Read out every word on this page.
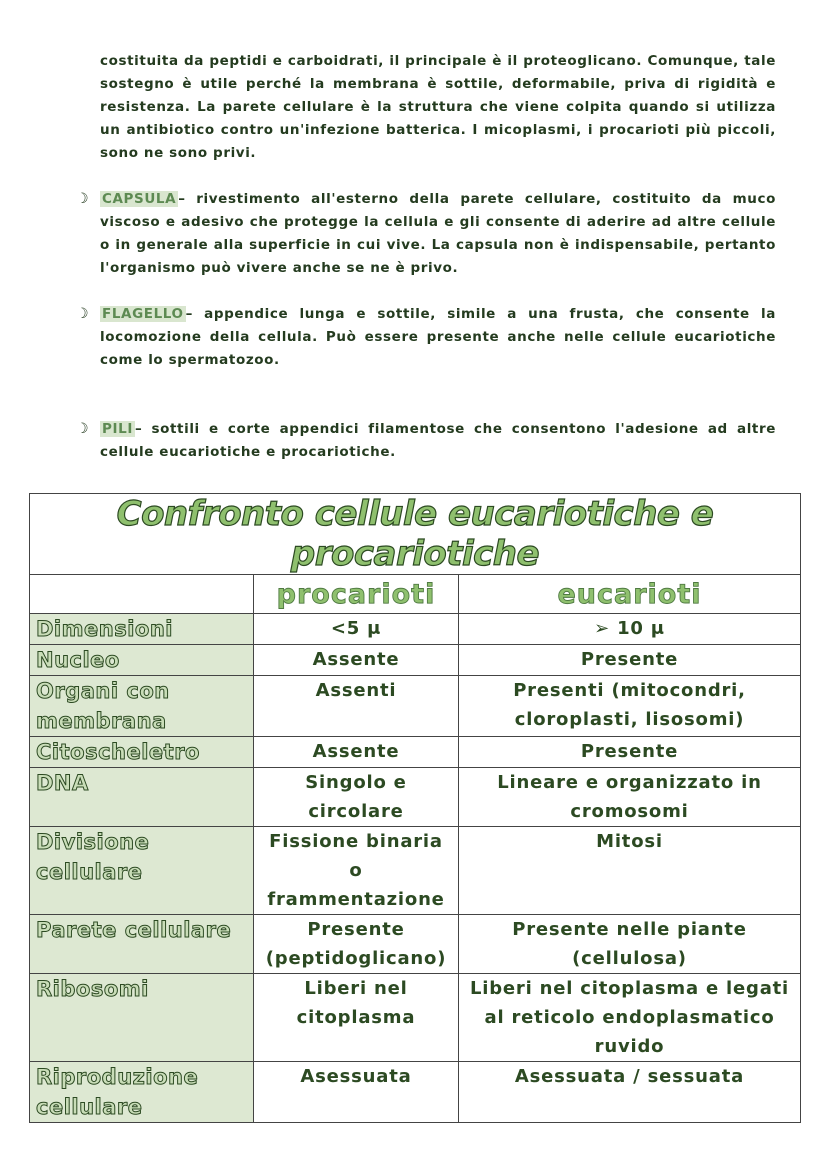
costituita da peptidi e carboidrati, il principale è il proteoglicano. Comunque, tale sostegno è utile perché la membrana è sottile, deformabile, priva di rigidità e resistenza. La parete cellulare è la struttura che viene colpita quando si utilizza un antibiotico contro un'infezione batterica. I micoplasmi, i procarioti più piccoli, sono ne sono privi.
☽ CAPSULA – rivestimento all'esterno della parete cellulare, costituito da muco viscoso e adesivo che protegge la cellula e gli consente di aderire ad altre cellule o in generale alla superficie in cui vive. La capsula non è indispensabile, pertanto l'organismo può vivere anche se ne è privo.
☽ FLAGELLO – appendice lunga e sottile, simile a una frusta, che consente la locomozione della cellula. Può essere presente anche nelle cellule eucariotiche come lo spermatozoo.
☽ PILI – sottili e corte appendici filamentose che consentono l'adesione ad altre cellule eucariotiche e procariotiche.
Confronto cellule eucariotiche e procariotiche		
	procarioti	eucarioti
Dimensioni	<5 μ	➢ 10 μ
Nucleo	Assente	Presente
Organi con membrana	Assenti	Presenti (mitocondri, cloroplasti, lisosomi)
Citoscheletro	Assente	Presente
DNA	Singolo e circolare	Lineare e organizzato in cromosomi
Divisione cellulare	Fissione binaria o frammentazione	Mitosi
Parete cellulare	Presente (peptidoglicano)	Presente nelle piante (cellulosa)
Ribosomi	Liberi nel citoplasma	Liberi nel citoplasma e legati al reticolo endoplasmatico ruvido
Riproduzione cellulare	Asessuata	Asessuata / sessuata
